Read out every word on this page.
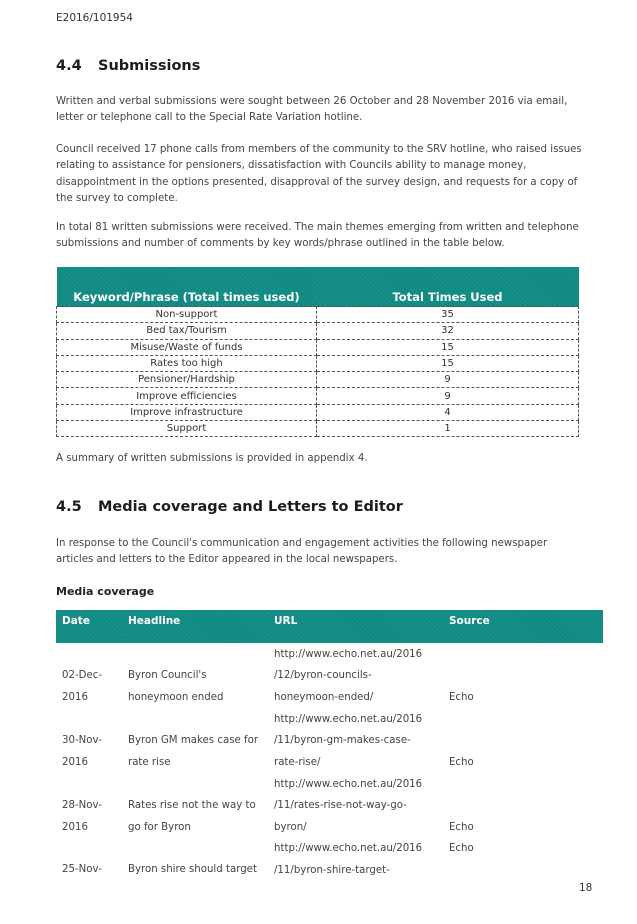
E2016/101954
4.4 Submissions

Written and verbal submissions were sought between 26 October and 28 November 2016 via email,
letter or telephone call to the Special Rate Variation hotline.

Council received 17 phone calls from members of the community to the SRV hotline, who raised issues
relating to assistance for pensioners, dissatisfaction with Councils ability to manage money,
disappointment in the options presented, disapproval of the survey design, and requests for a copy of
the survey to complete.

In total 81 written submissions were received. The main themes emerging from written and telephone
submissions and number of comments by key words/phrase outlined in the table below.

Keyword/Phrase (Total times used)	Total Times Used
Non-support	35
Bed tax/Tourism	32
Misuse/Waste of funds	15
Rates too high	15
Pensioner/Hardship	9
Improve efficiencies	9
Improve infrastructure	4
Support	1

A summary of written submissions is provided in appendix 4.

4.5 Media coverage and Letters to Editor

In response to the Council's communication and engagement activities the following newspaper
articles and letters to the Editor appeared in the local newspapers.

Media coverage
Date	Headline	URL	Source

02-Dec-
2016	Byron Council's
honeymoon ended	http://www.echo.net.au/2016
/12/byron-councils-
honeymoon-ended/	Echo

30-Nov-
2016	Byron GM makes case for
rate rise	http://www.echo.net.au/2016
/11/byron-gm-makes-case-
rate-rise/	Echo

28-Nov-
2016	Rates rise not the way to
go for Byron	http://www.echo.net.au/2016
/11/rates-rise-not-way-go-
byron/	Echo

25-Nov-	Byron shire should target	http://www.echo.net.au/2016
/11/byron-shire-target-	Echo
18
